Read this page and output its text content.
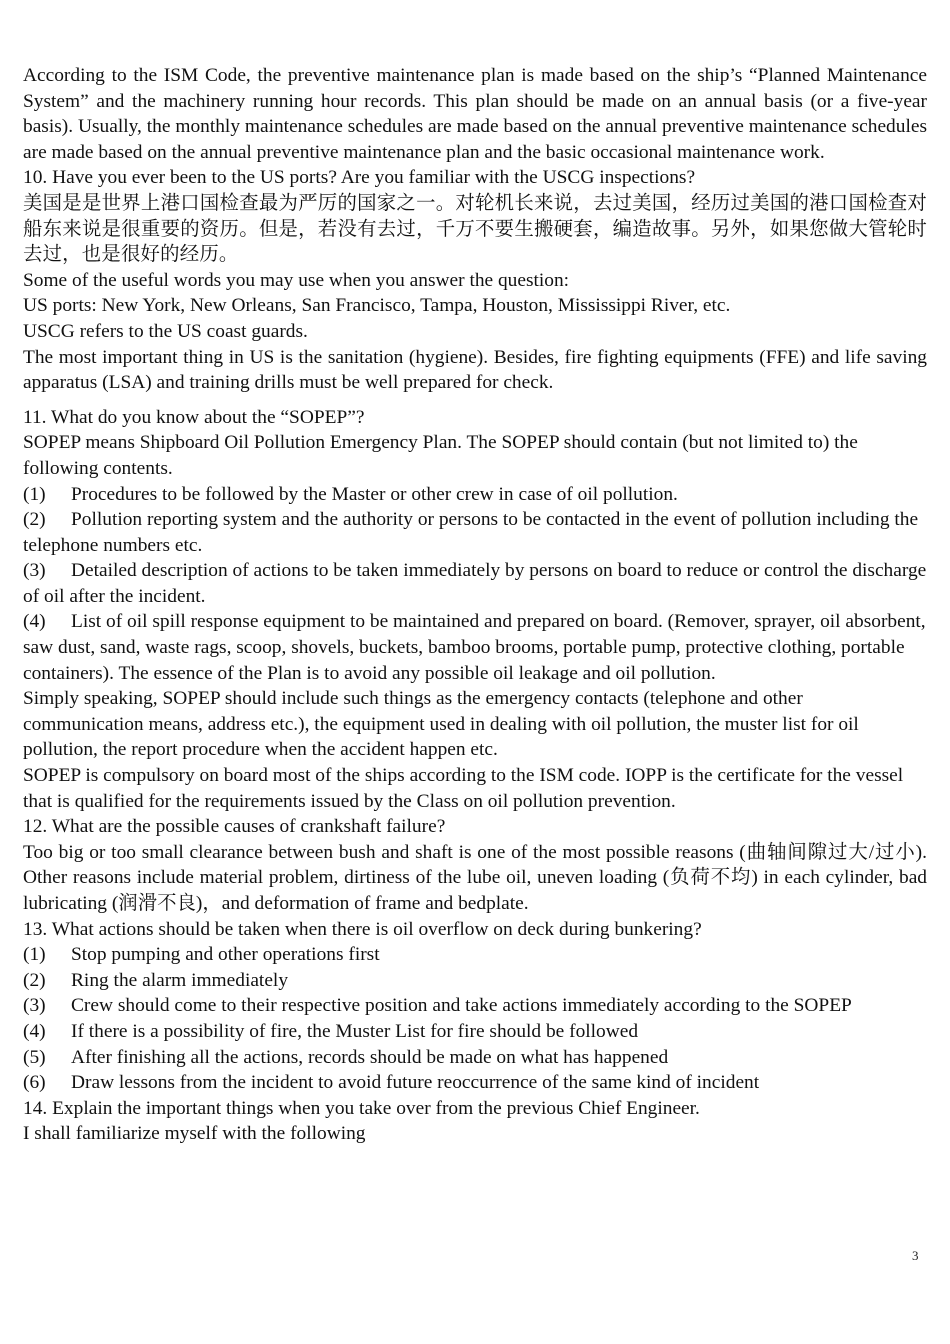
According to the ISM Code, the preventive maintenance plan is made based on the ship’s “Planned Maintenance System” and the machinery running hour records. This plan should be made on an annual basis (or a five-year basis). Usually, the monthly maintenance schedules are made based on the annual preventive maintenance schedules are made based on the annual preventive maintenance plan and the basic occasional maintenance work.

10. Have you ever been to the US ports? Are you familiar with the USCG inspections?

美国是是世界上港口国检查最为严厉的国家之一。对轮机长来说，去过美国，经历过美国的港口国检查对船东来说是很重要的资历。但是，若没有去过，千万不要生搬硬套，编造故事。另外，如果您做大管轮时去过，也是很好的经历。

Some of the useful words you may use when you answer the question:

US ports: New York, New Orleans, San Francisco, Tampa, Houston, Mississippi River, etc.

USCG refers to the US coast guards.

The most important thing in US is the sanitation (hygiene). Besides, fire fighting equipments (FFE) and life saving apparatus (LSA) and training drills must be well prepared for check.

11. What do you know about the “SOPEP”?

SOPEP means Shipboard Oil Pollution Emergency Plan. The SOPEP should contain (but not limited to) the following contents.

(1) Procedures to be followed by the Master or other crew in case of oil pollution.

(2) Pollution reporting system and the authority or persons to be contacted in the event of pollution including the telephone numbers etc.

(3) Detailed description of actions to be taken immediately by persons on board to reduce or control the discharge of oil after the incident.

(4) List of oil spill response equipment to be maintained and prepared on board. (Remover, sprayer, oil absorbent, saw dust, sand, waste rags, scoop, shovels, buckets, bamboo brooms, portable pump, protective clothing, portable containers). The essence of the Plan is to avoid any possible oil leakage and oil pollution.

Simply speaking, SOPEP should include such things as the emergency contacts (telephone and other communication means, address etc.), the equipment used in dealing with oil pollution, the muster list for oil pollution, the report procedure when the accident happen etc.

SOPEP is compulsory on board most of the ships according to the ISM code. IOPP is the certificate for the vessel that is qualified for the requirements issued by the Class on oil pollution prevention.

12. What are the possible causes of crankshaft failure?

Too big or too small clearance between bush and shaft is one of the most possible reasons (曲轴间隙过大/过小). Other reasons include material problem, dirtiness of the lube oil, uneven loading (负荷不均) in each cylinder, bad lubricating (润滑不良)，and deformation of frame and bedplate.

13. What actions should be taken when there is oil overflow on deck during bunkering?

(1) Stop pumping and other operations first

(2) Ring the alarm immediately

(3) Crew should come to their respective position and take actions immediately according to the SOPEP

(4) If there is a possibility of fire, the Muster List for fire should be followed

(5) After finishing all the actions, records should be made on what has happened

(6) Draw lessons from the incident to avoid future reoccurrence of the same kind of incident

14. Explain the important things when you take over from the previous Chief Engineer.

I shall familiarize myself with the following

3
